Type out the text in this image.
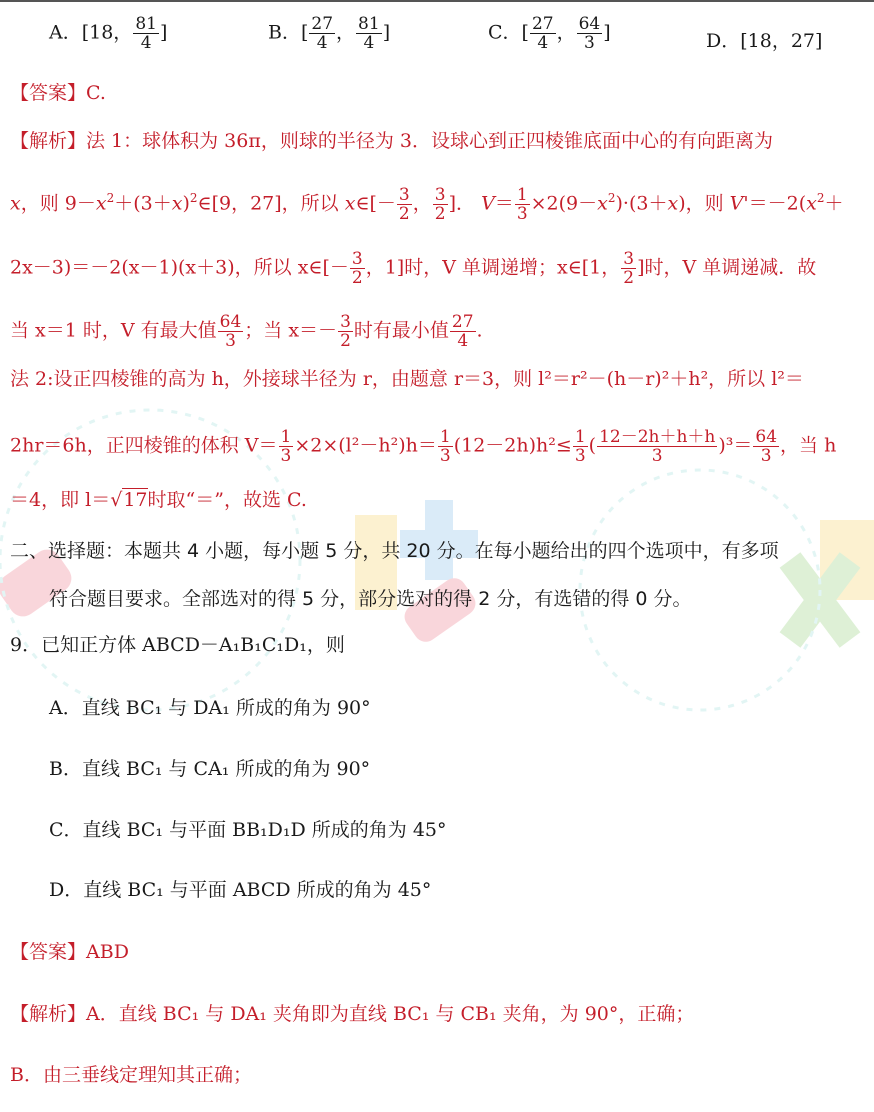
A．[18， $\frac{81}{4}$ ]	B．[ $\frac{27}{4}$ ， $\frac{81}{4}$ ]	C．[ $\frac{27}{4}$ ， $\frac{64}{3}$ ]	D．[18，27]
【答案】C.
【解析】法 1：球体积为 36π，则球的半径为 3．设球心到正四棱锥底面中心的有向距离为
x，则 $9-x^2+(3+x)^2\in[9$，27]，所以 x∈[－ $\frac{3}{2}$ ， $\frac{3}{2}$ ]． $V= \frac{1}{3} \times 2(9-x^2)\cdot(3+x)$，则 $V'=-2(x^2+$
2x－3)＝－2(x－1)(x＋3)，所以 x∈[－ $\frac{3}{2}$ ，1]时，V 单调递增；x∈[1， $\frac{3}{2}$ ]时，V 单调递减．故
当 x＝1 时，V 有最大值 $\frac{64}{3}$ ；当 $x=- \frac{3}{2}$ 时有最小值 $\frac{27}{4}$ .
法 2:设正四棱锥的高为 h，外接球半径为 r，由题意 r＝3，则 l²＝r²－(h－r)²＋h²，所以 l²＝
2hr＝6h，正四棱锥的体积 $V= \frac{1}{3} \times 2\times(l^2-h^2)h= \frac{1}{3} (12-2h)h^2\le \frac{1}{3}$ ( $\frac{12-2h+h+h}{3} )^3= \frac{64}{3}$ ，当 h
＝4，即 l＝√17时取“＝”，故选 C.
二、选择题：本题共 4 小题，每小题 5 分，共 20 分。在每小题给出的四个选项中，有多项
符合题目要求。全部选对的得 5 分，部分选对的得 2 分，有选错的得 0 分。
9．已知正方体 ABCD－A₁B₁C₁D₁，则
A．直线 BC₁ 与 DA₁ 所成的角为 90°
B．直线 BC₁ 与 CA₁ 所成的角为 90°
C．直线 BC₁ 与平面 BB₁D₁D 所成的角为 45°
D．直线 BC₁ 与平面 ABCD 所成的角为 45°
【答案】ABD
【解析】A．直线 BC₁ 与 DA₁ 夹角即为直线 BC₁ 与 CB₁ 夹角，为 90°，正确；
B．由三垂线定理知其正确；
